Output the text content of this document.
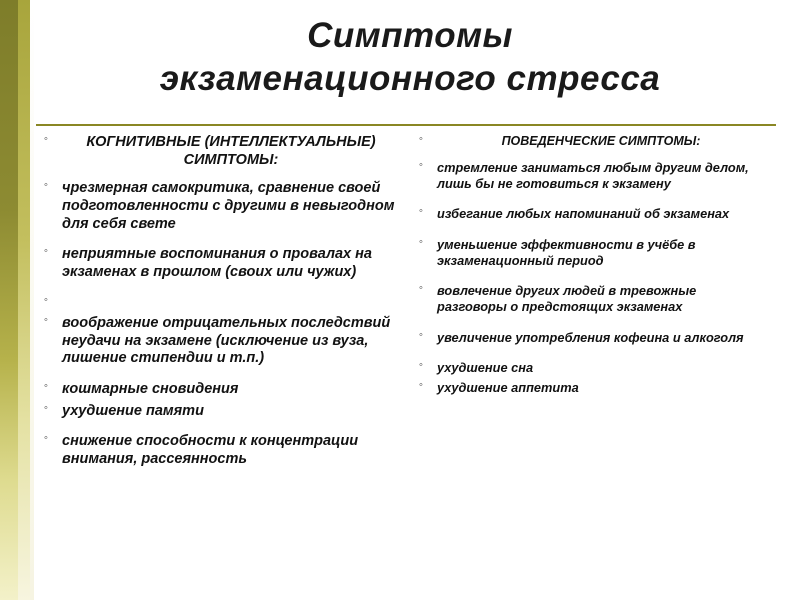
Симптомы
экзаменационного стресса
◦ КОГНИТИВНЫЕ (ИНТЕЛЛЕКТУАЛЬНЫЕ) СИМПТОМЫ:
◦ чрезмерная самокритика, сравнение своей подготовленности с другими в невыгодном для себя свете
◦ неприятные воспоминания о провалах на экзаменах в прошлом (своих или чужих)
◦
◦ воображение отрицательных последствий неудачи на экзамене (исключение из вуза, лишение стипендии и т.п.)
◦ кошмарные сновидения
◦ ухудшение памяти
◦ снижение способности к концентрации внимания, рассеянность
◦ ПОВЕДЕНЧЕСКИЕ СИМПТОМЫ:
◦ стремление заниматься любым другим делом, лишь бы не готовиться к экзамену
◦ избегание любых напоминаний об экзаменах
◦ уменьшение эффективности в учёбе в экзаменационный период
◦ вовлечение других людей в тревожные разговоры о предстоящих экзаменах
◦ увеличение употребления кофеина и алкоголя
◦ ухудшение сна
◦ ухудшение аппетита
